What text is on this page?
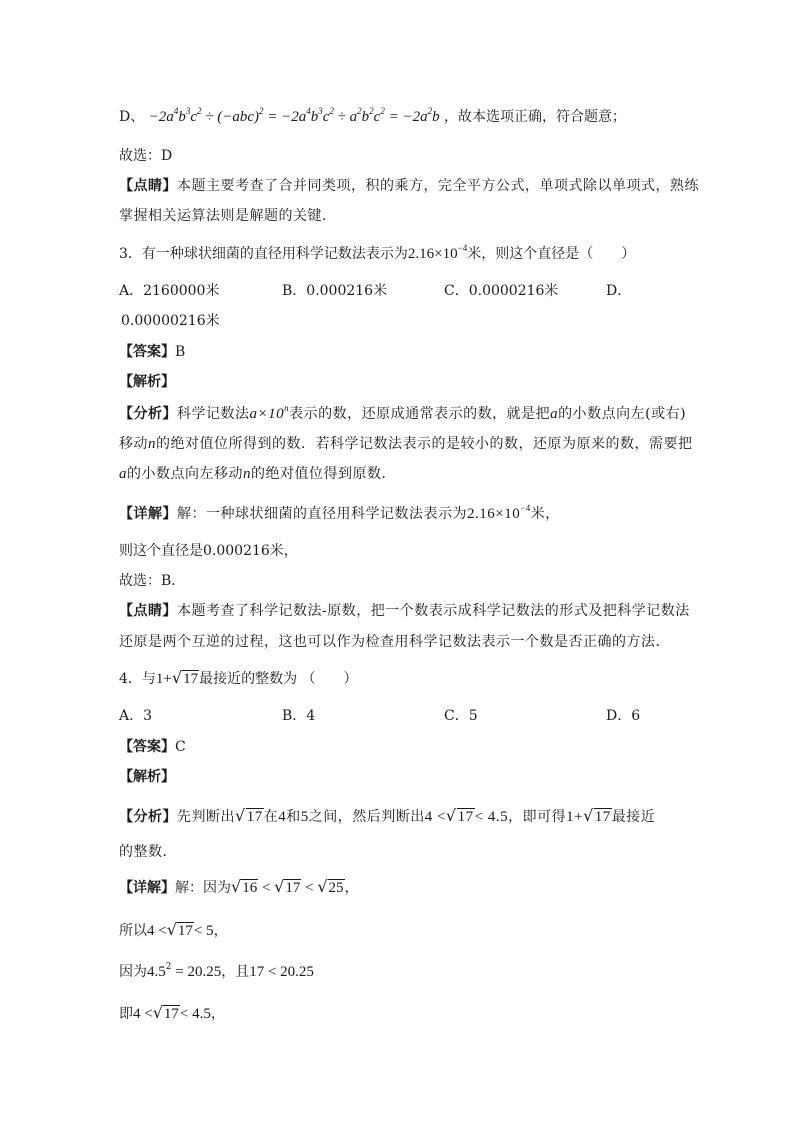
D、 $-2a^4b^3c^2 \div (-abc)^2 = -2a^4b^3c^2 \div a^2b^2c^2 = -2a^2b$ ，故本选项正确，符合题意；
故选：D
【点睛】本题主要考查了合并同类项，积的乘方，完全平方公式，单项式除以单项式，熟练
掌握相关运算法则是解题的关键．
3．有一种球状细菌的直径用科学记数法表示为$2.16\times 10^{-4}$米，则这个直径是（　　）
A．2160000米	B．0.000216米	C．0.0000216米	D．
0.00000216米
【答案】B
【解析】
【分析】科学记数法$a\times 10^n$表示的数，还原成通常表示的数，就是把a的小数点向左(或右)
移动n的绝对值位所得到的数．若科学记数法表示的是较小的数，还原为原来的数，需要把
a的小数点向左移动n的绝对值位得到原数．
【详解】解：一种球状细菌的直径用科学记数法表示为$2.16\times 10^{-4}$米，
则这个直径是0.000216米，
故选：B．
【点睛】本题考查了科学记数法-原数，把一个数表示成科学记数法的形式及把科学记数法
还原是两个互逆的过程，这也可以作为检查用科学记数法表示一个数是否正确的方法．
4．与1+√17最接近的整数为 （　　）
A．3	B．4	C．5	D．6
【答案】C
【解析】
【分析】先判断出√17在4和5之间，然后判断出4 <√17< 4.5，即可得1+√17最接近
的整数．
【详解】解：因为√16 < √17 < √25，
所以4 <√17< 5，
因为$4.5^2 = 20.25$，且17 < 20.25
即4 <√17< 4.5，
